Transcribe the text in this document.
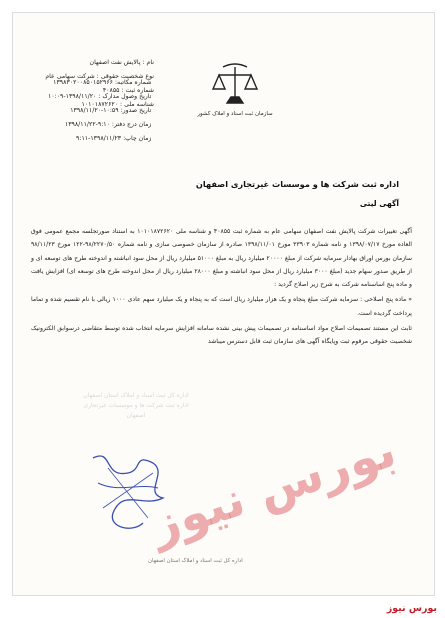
نام : پالایش نفت اصفهان
نوع شخصیت حقوقی : شرکت سهامی عام
شماره ثبت : ۴۰۸۵۵
شناسه ملی : ۱۰۱۰۱۸۷۲۶۲۰
سازمان ثبت اسناد و املاک کشور
شماره مکاتبه: ۱۳۹۸۳۰۲۰۰۸۵۰۱۵۲۹۶۶
تاریخ وصول مدارک : ۱۳۹۸/۱۱/۲۰-۱۰:۰۹
تاریخ صدور: ۱۰:۵۹-۱۳۹۸/۱۱/۲۰
زمان درج دفتر: ۹:۱۰-۱۳۹۸/۱۱/۲۲
زمان چاپ: ۱۳۹۸/۱۱/۲۳-۹:۱۱
اداره ثبت شرکت ها و موسسات غیرتجاری اصفهان
آگهی لیتی

آگهی تغییرات شرکت پالایش نفت اصفهان سهامی عام به شماره ثبت ۴۰۸۵۵ و شناسه ملی ۱۰۱۰۱۸۷۲۶۲۰ به استناد صورتجلسه مجمع عمومی فوق العاده مورخ ۱۳۹۸/۰۷/۱۷ و نامه شماره ۳۳۹۰۳ مورخ ۱۳۹۸/۱۱/۰۱ صادره از سازمان خصوصی سازی و نامه شماره ۹۸/۲۲۷۰/۵۰-۱۲۲ مورخ ۹۸/۱۱/۲۳ سازمان بورس اوراق بهادار سرمایه شرکت از مبلغ ۲۰۰۰۰ میلیارد ریال به مبلغ ۵۱۰۰۰ میلیارد ریال از محل سود انباشته و اندوخته طرح های توسعه ای و از طریق صدور سهام جدید (مبلغ ۳۰۰۰ میلیارد ریال از محل سود انباشته و مبلغ ۲۸۰۰۰ میلیارد ریال از محل اندوخته طرح های توسعه ای) افزایش یافت و ماده پنج اساسنامه شرکت به شرح زیر اصلاح گردید :

« ماده پنج اصلاحی : سرمایه شرکت مبلغ پنجاه و یک هزار میلیارد ریال است که به پنجاه و یک میلیارد سهم عادی ۱۰۰۰ ریالی با نام تقسیم شده و تماما پرداخت گردیده است.

ثابت این مستند تصمیمات اصلاح مواد اساسنامه در تصمیمات پیش بینی نشده سامانه افزایش سرمایه انتخاب شده توسط متقاضی درسوابق الکترونیک شخصیت حقوقی مرقوم ثبت وپایگاه آگهی های سازمان ثبت قابل دسترس میباشد

اداره کل ثبت اسناد و املاک استان اصفهان
اداره ثبت شرکت ها و موسسات غیرتجاری
اصفهان
اداره کل ثبت اسناد و املاک استان اصفهان
بورس نیوز
بورس نیوز
